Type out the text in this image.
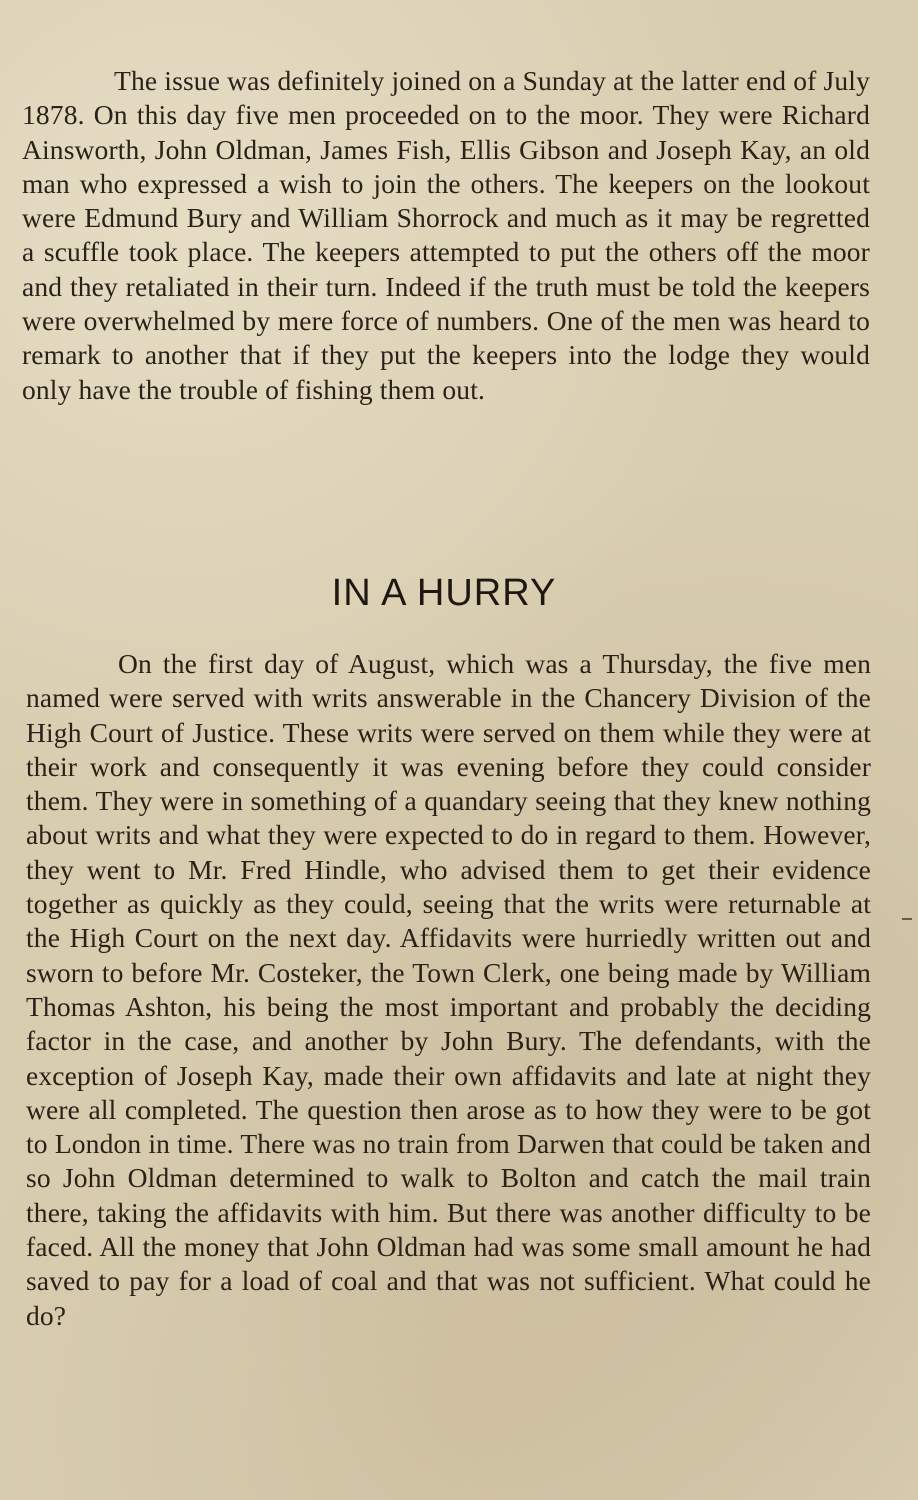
The issue was definitely joined on a Sunday at the latter end of July 1878. On this day five men proceeded on to the moor. They were Richard Ainsworth, John Oldman, James Fish, Ellis Gibson and Joseph Kay, an old man who expressed a wish to join the others. The keepers on the lookout were Edmund Bury and William Shorrock and much as it may be regretted a scuffle took place. The keepers attempted to put the others off the moor and they retaliated in their turn. Indeed if the truth must be told the keepers were overwhelmed by mere force of numbers. One of the men was heard to remark to another that if they put the keepers into the lodge they would only have the trouble of fishing them out.

IN A HURRY

On the first day of August, which was a Thursday, the five men named were served with writs answerable in the Chancery Division of the High Court of Justice. These writs were served on them while they were at their work and consequently it was evening before they could consider them. They were in something of a quandary seeing that they knew nothing about writs and what they were expected to do in regard to them. However, they went to Mr. Fred Hindle, who advised them to get their evidence together as quickly as they could, seeing that the writs were returnable at the High Court on the next day. Affidavits were hurriedly written out and sworn to before Mr. Costeker, the Town Clerk, one being made by William Thomas Ashton, his being the most important and probably the deciding factor in the case, and another by John Bury. The defendants, with the exception of Joseph Kay, made their own affidavits and late at night they were all completed. The question then arose as to how they were to be got to London in time. There was no train from Darwen that could be taken and so John Oldman determined to walk to Bolton and catch the mail train there, taking the affidavits with him. But there was another difficulty to be faced. All the money that John Oldman had was some small amount he had saved to pay for a load of coal and that was not sufficient. What could he do?
